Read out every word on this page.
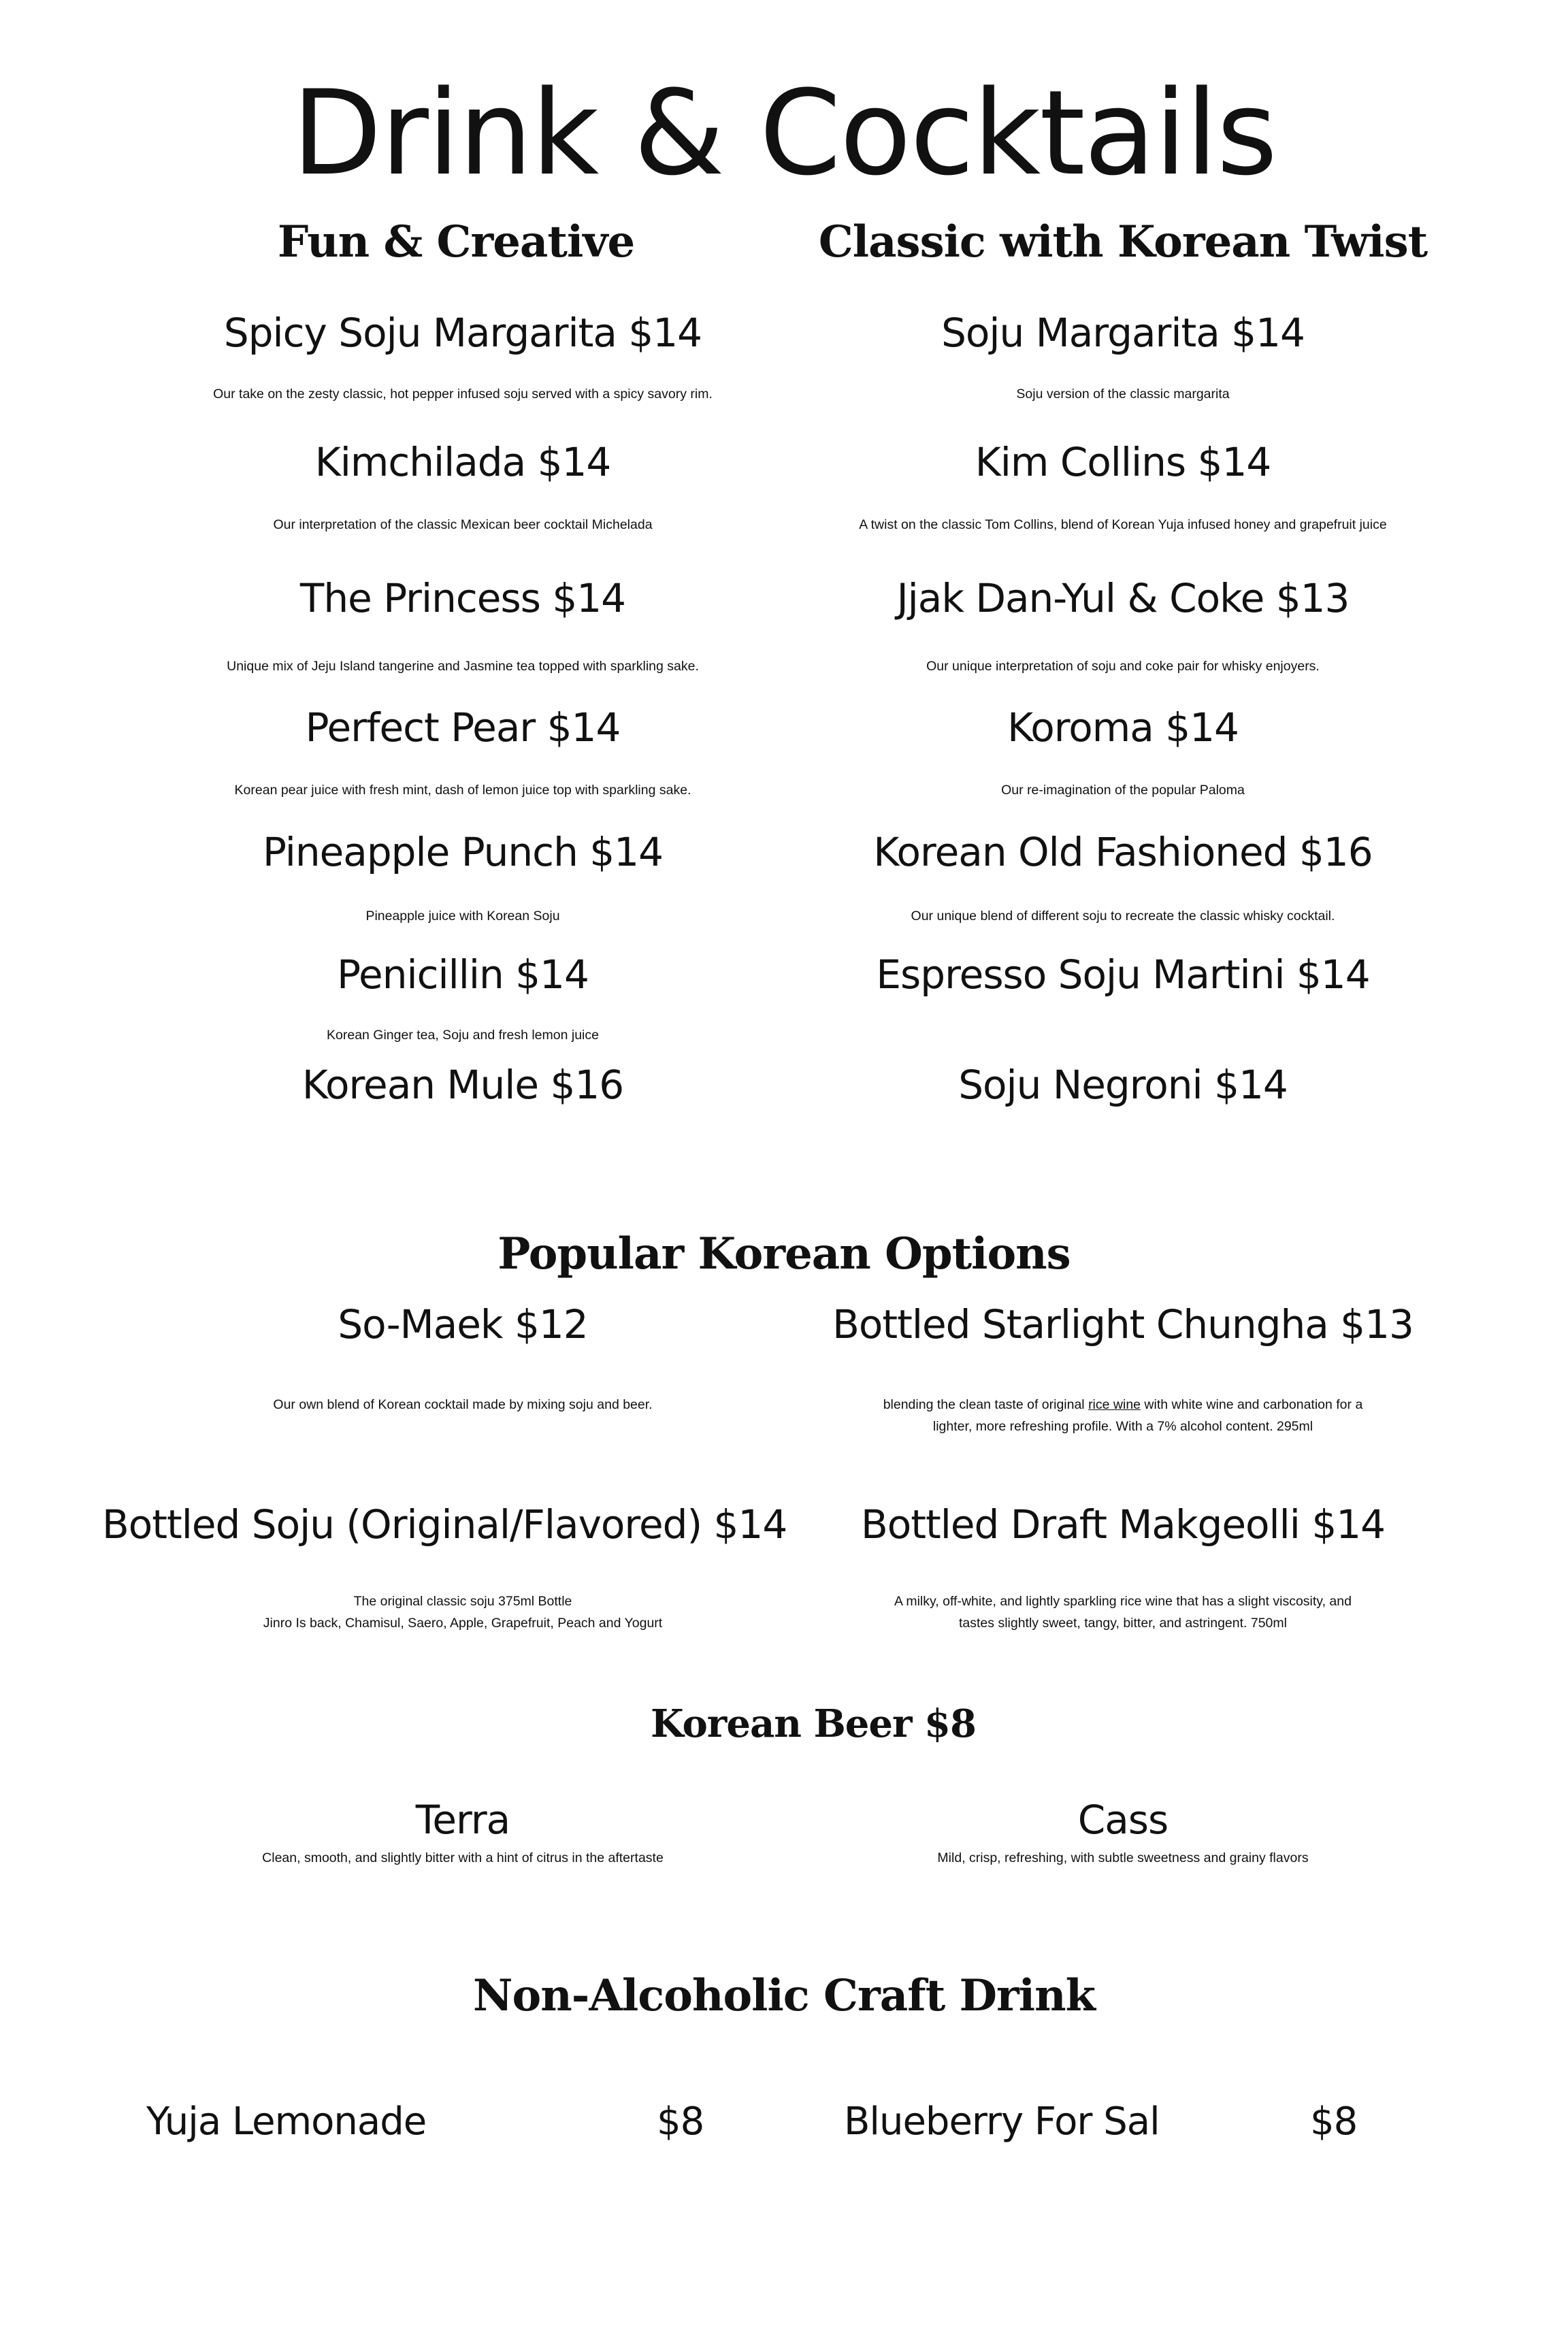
Drink & Cocktails
Fun & Creative	Classic with Korean Twist
Spicy Soju Margarita $14
Our take on the zesty classic, hot pepper infused soju served with a spicy savory rim.
Kimchilada $14
Our interpretation of the classic Mexican beer cocktail Michelada
The Princess $14
Unique mix of Jeju Island tangerine and Jasmine tea topped with sparkling sake.
Perfect Pear $14
Korean pear juice with fresh mint, dash of lemon juice top with sparkling sake.
Pineapple Punch $14
Pineapple juice with Korean Soju
Penicillin $14
Korean Ginger tea, Soju and fresh lemon juice
Korean Mule $16
Soju Margarita $14
Soju version of the classic margarita
Kim Collins $14
A twist on the classic Tom Collins, blend of Korean Yuja infused honey and grapefruit juice
Jjak Dan-Yul & Coke $13
Our unique interpretation of soju and coke pair for whisky enjoyers.
Koroma $14
Our re-imagination of the popular Paloma
Korean Old Fashioned $16
Our unique blend of different soju to recreate the classic whisky cocktail.
Espresso Soju Martini $14
Soju Negroni $14
Popular Korean Options
So-Maek $12
Our own blend of Korean cocktail made by mixing soju and beer.
Bottled Starlight Chungha $13
blending the clean taste of original rice wine with white wine and carbonation for a
lighter, more refreshing profile. With a 7% alcohol content. 295ml
Bottled Soju (Original/Flavored) $14
The original classic soju 375ml Bottle
Jinro Is back, Chamisul, Saero, Apple, Grapefruit, Peach and Yogurt
Bottled Draft Makgeolli $14
A milky, off-white, and lightly sparkling rice wine that has a slight viscosity, and
tastes slightly sweet, tangy, bitter, and astringent. 750ml
Korean Beer $8
Terra
Clean, smooth, and slightly bitter with a hint of citrus in the aftertaste
Cass
Mild, crisp, refreshing, with subtle sweetness and grainy flavors
Non-Alcoholic Craft Drink
Yuja Lemonade	$8	Blueberry For Sal	$8
